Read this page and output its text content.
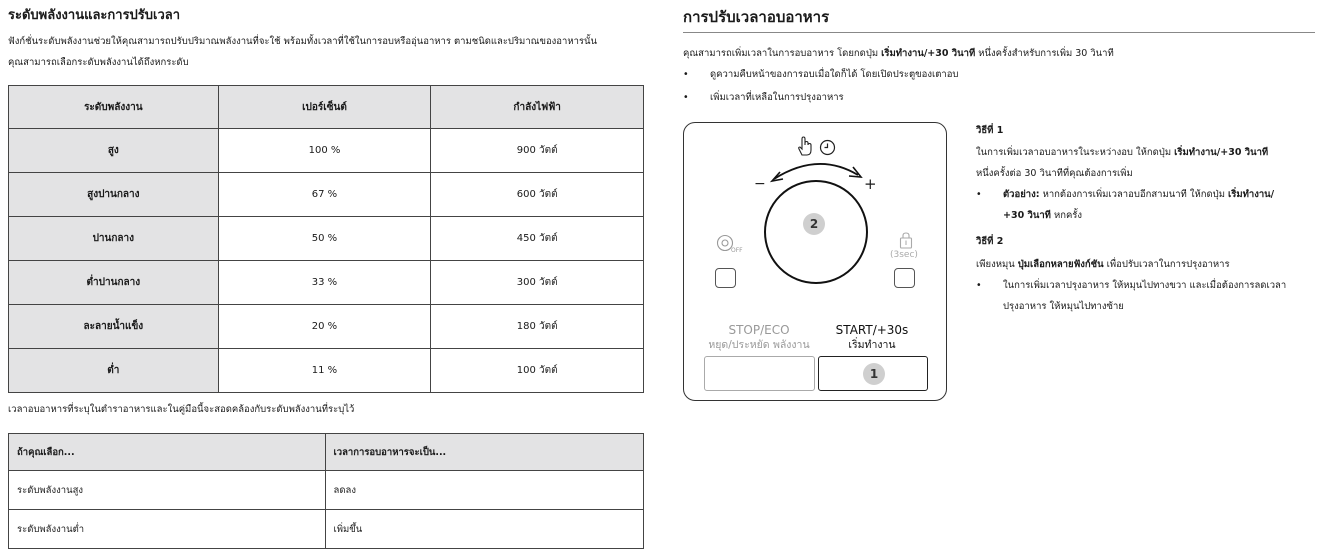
ระดับพลังงานและการปรับเวลา
ฟังก์ชั่นระดับพลังงานช่วยให้คุณสามารถปรับปริมาณพลังงานที่จะใช้ พร้อมทั้งเวลาที่ใช้ในการอบหรืออุ่นอาหาร ตามชนิดและปริมาณของอาหารนั้น
คุณสามารถเลือกระดับพลังงานได้ถึงหกระดับ
ระดับพลังงาน	เปอร์เซ็นต์	กำลังไฟฟ้า
สูง	100 %	900 วัตต์
สูงปานกลาง	67 %	600 วัตต์
ปานกลาง	50 %	450 วัตต์
ต่ำปานกลาง	33 %	300 วัตต์
ละลายน้ำแข็ง	20 %	180 วัตต์
ต่ำ	11 %	100 วัตต์
เวลาอบอาหารที่ระบุในตำราอาหารและในคู่มือนี้จะสอดคล้องกับระดับพลังงานที่ระบุไว้
ถ้าคุณเลือก...	เวลาการอบอาหารจะเป็น...
ระดับพลังงานสูง	ลดลง
ระดับพลังงานต่ำ	เพิ่มขึ้น
การปรับเวลาอบอาหาร
คุณสามารถเพิ่มเวลาในการอบอาหาร โดยกดปุ่ม เริ่มทำงาน/+30 วินาที หนึ่งครั้งสำหรับการเพิ่ม 30 วินาที
• ดูความคืบหน้าของการอบเมื่อใดก็ได้ โดยเปิดประตูของเตาอบ
• เพิ่มเวลาที่เหลือในการปรุงอาหาร
−	+
2
OFF	(3sec)
STOP/ECO
หยุด/ประหยัด พลังงาน
START/+30s
เริ่มทำงาน
1
วิธีที่ 1

ในการเพิ่มเวลาอบอาหารในระหว่างอบ ให้กดปุ่ม เริ่มทำงาน/+30 วินาที

หนึ่งครั้งต่อ 30 วินาทีที่คุณต้องการเพิ่ม

• ตัวอย่าง: หากต้องการเพิ่มเวลาอบอีกสามนาที ให้กดปุ่ม เริ่มทำงาน/
+30 วินาที หกครั้ง
วิธีที่ 2

เพียงหมุน ปุ่มเลือกหลายฟังก์ชัน เพื่อปรับเวลาในการปรุงอาหาร

• ในการเพิ่มเวลาปรุงอาหาร ให้หมุนไปทางขวา และเมื่อต้องการลดเวลา
ปรุงอาหาร ให้หมุนไปทางซ้าย
